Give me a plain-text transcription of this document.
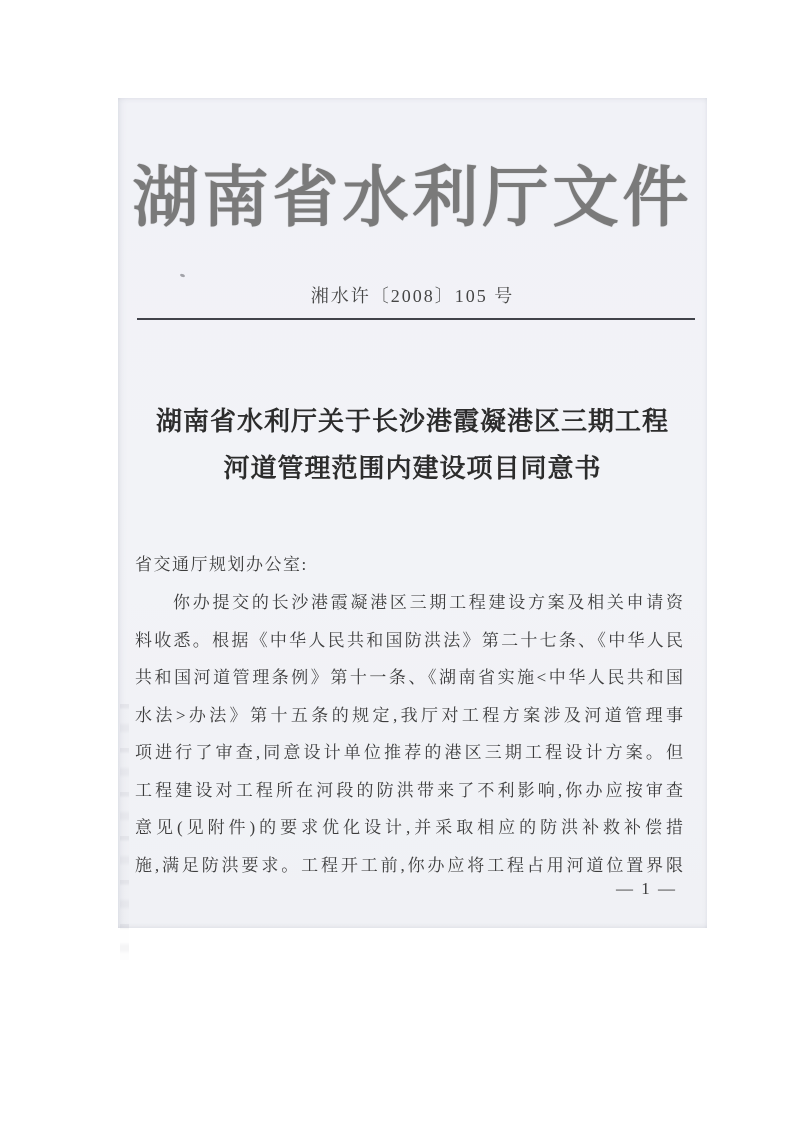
湖南省水利厅文件
湘水许〔2008〕105 号
湖南省水利厅关于长沙港霞凝港区三期工程
河道管理范围内建设项目同意书
省交通厅规划办公室:
你办提交的长沙港霞凝港区三期工程建设方案及相关申请资
料收悉。根据《中华人民共和国防洪法》第二十七条、《中华人民
共和国河道管理条例》第十一条、《湖南省实施<中华人民共和国
水法>办法》第十五条的规定,我厅对工程方案涉及河道管理事
项进行了审查,同意设计单位推荐的港区三期工程设计方案。但
工程建设对工程所在河段的防洪带来了不利影响,你办应按审查
意见(见附件)的要求优化设计,并采取相应的防洪补救补偿措
施,满足防洪要求。工程开工前,你办应将工程占用河道位置界限
— 1 —
